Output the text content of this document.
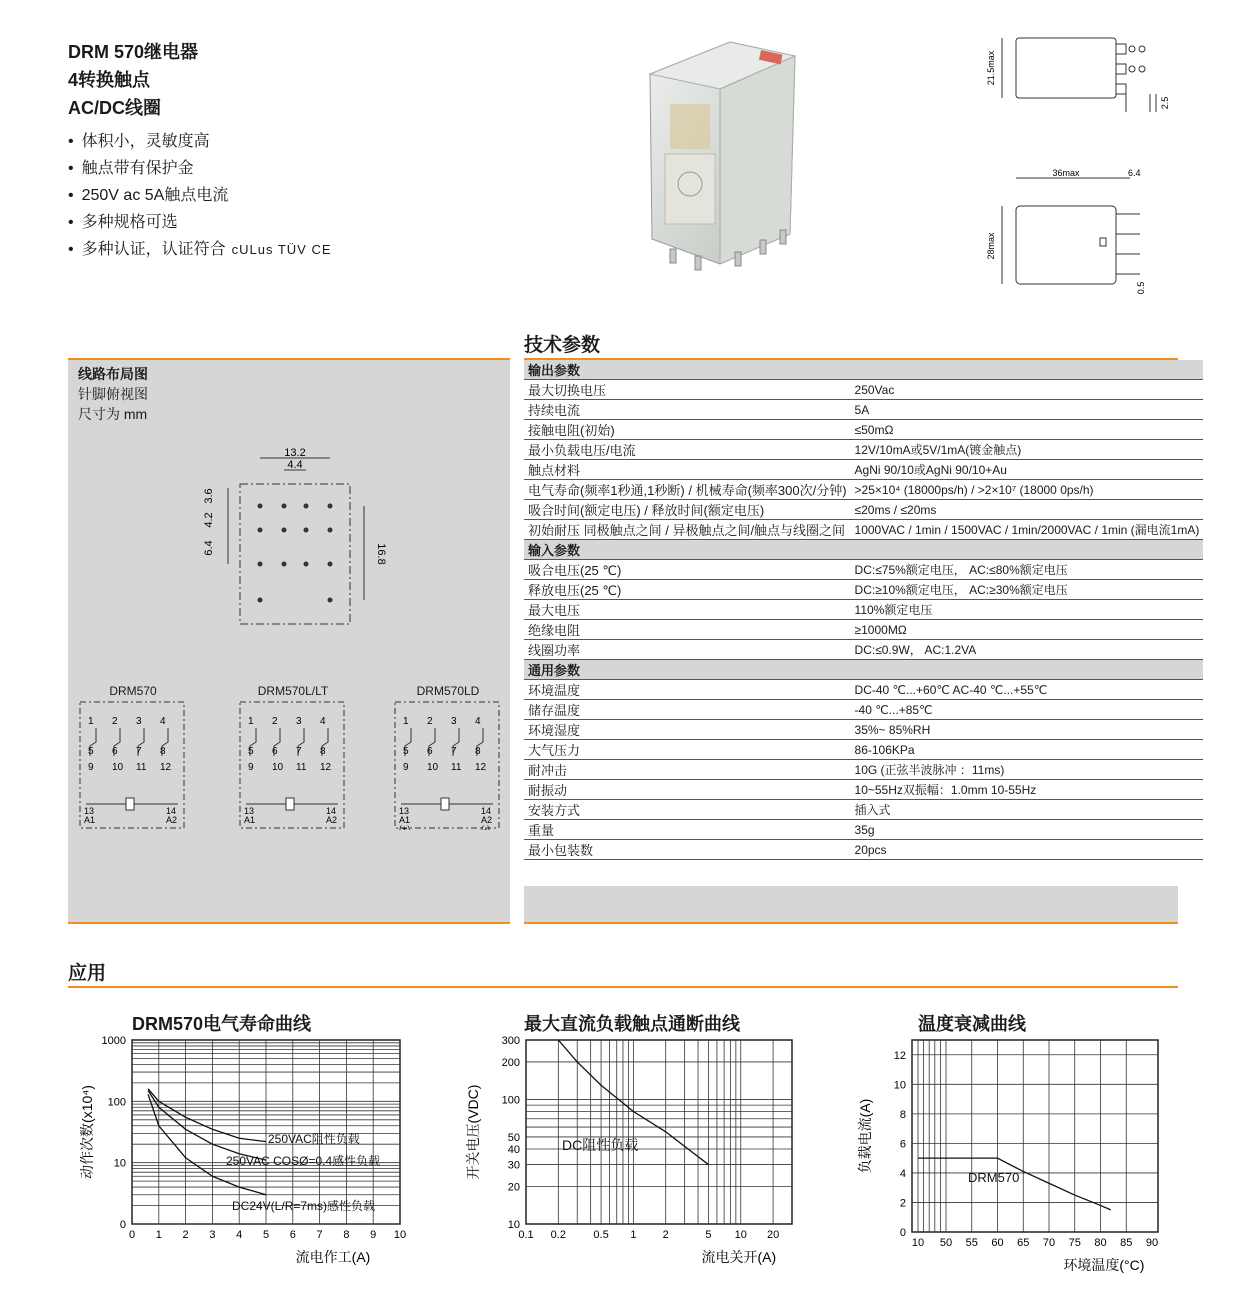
DRM 570继电器
4转换触点
AC/DC线圈
• 体积小，灵敏度高
• 触点带有保护金
• 250V ac 5A触点电流
• 多种规格可选
• 多种认证，认证符合 cULus TÜV CE
21.5max
2.5
36max	6.4
28max
0.5
线路布局图
针脚俯视图
尺寸为 mm
13.2
4.4
3.6
4.2
6.4	16.8
DRM570
1 2 3 4
5 6 7 8
9 10 11 12
13
A1
14
A2
DRM570L/LT
1 2 3 4
5 6 7 8
9 10 11 12
13
A1
14
A2
DRM570LD
1 2 3 4
5 6 7 8
9 10 11 12
13
A1
(+)
14
A2
(-)
技术参数
输出参数	
最大切换电压	250Vac
持续电流	5A
接触电阻(初始)	≤50mΩ
最小负载电压/电流	12V/10mA或5V/1mA(镀金触点)
触点材料	AgNi 90/10或AgNi 90/10+Au
电气寿命(频率1秒通,1秒断) / 机械寿命(频率300次/分钟)	>25×10⁴ (18000ps/h) / >2×10⁷ (18000 0ps/h)
吸合时间(额定电压) / 释放时间(额定电压)	≤20ms / ≤20ms
初始耐压 同极触点之间 / 异极触点之间/触点与线圈之间	1000VAC / 1min / 1500VAC / 1min/2000VAC / 1min (漏电流1mA)
输入参数	
吸合电压(25 ℃)	DC:≤75%额定电压， AC:≤80%额定电压
释放电压(25 ℃)	DC:≥10%额定电压， AC:≥30%额定电压
最大电压	110%额定电压
绝缘电阻	≥1000MΩ
线圈功率	DC:≤0.9W， AC:1.2VA
通用参数	
环境温度	DC-40 ℃...+60℃ AC-40 ℃...+55℃
储存温度	-40 ℃...+85℃
环境湿度	35%~ 85%RH
大气压力	86-106KPa
耐冲击	10G (正弦半波脉冲 ：11ms)
耐振动	10~55Hz双振幅：1.0mm 10-55Hz
安装方式	插入式
重量	35g
最小包装数	20pcs
应用
DRM570电气寿命曲线	最大直流负载触点通断曲线	温度衰减曲线
0 1 2 3 4 5 6 7 8 9 10
0
10
100
1000
流电作工(A)
动作次数(x10⁴)	250VAC阻性负载
250VAC COSØ=0.4感性负载
DC24V(L/R=7ms)感性负载
0.1 0.2 0.5 1 2	5 10 20
10
20
30
40
50
100
200
300
流电关开(A)
开关电压(VDC)	DC阻性负载
10 50 55 60 65 70 75 80 85 90
0
2
4
6
8
10
12
环境温度(°C)
负载电流(A)
DRM570
